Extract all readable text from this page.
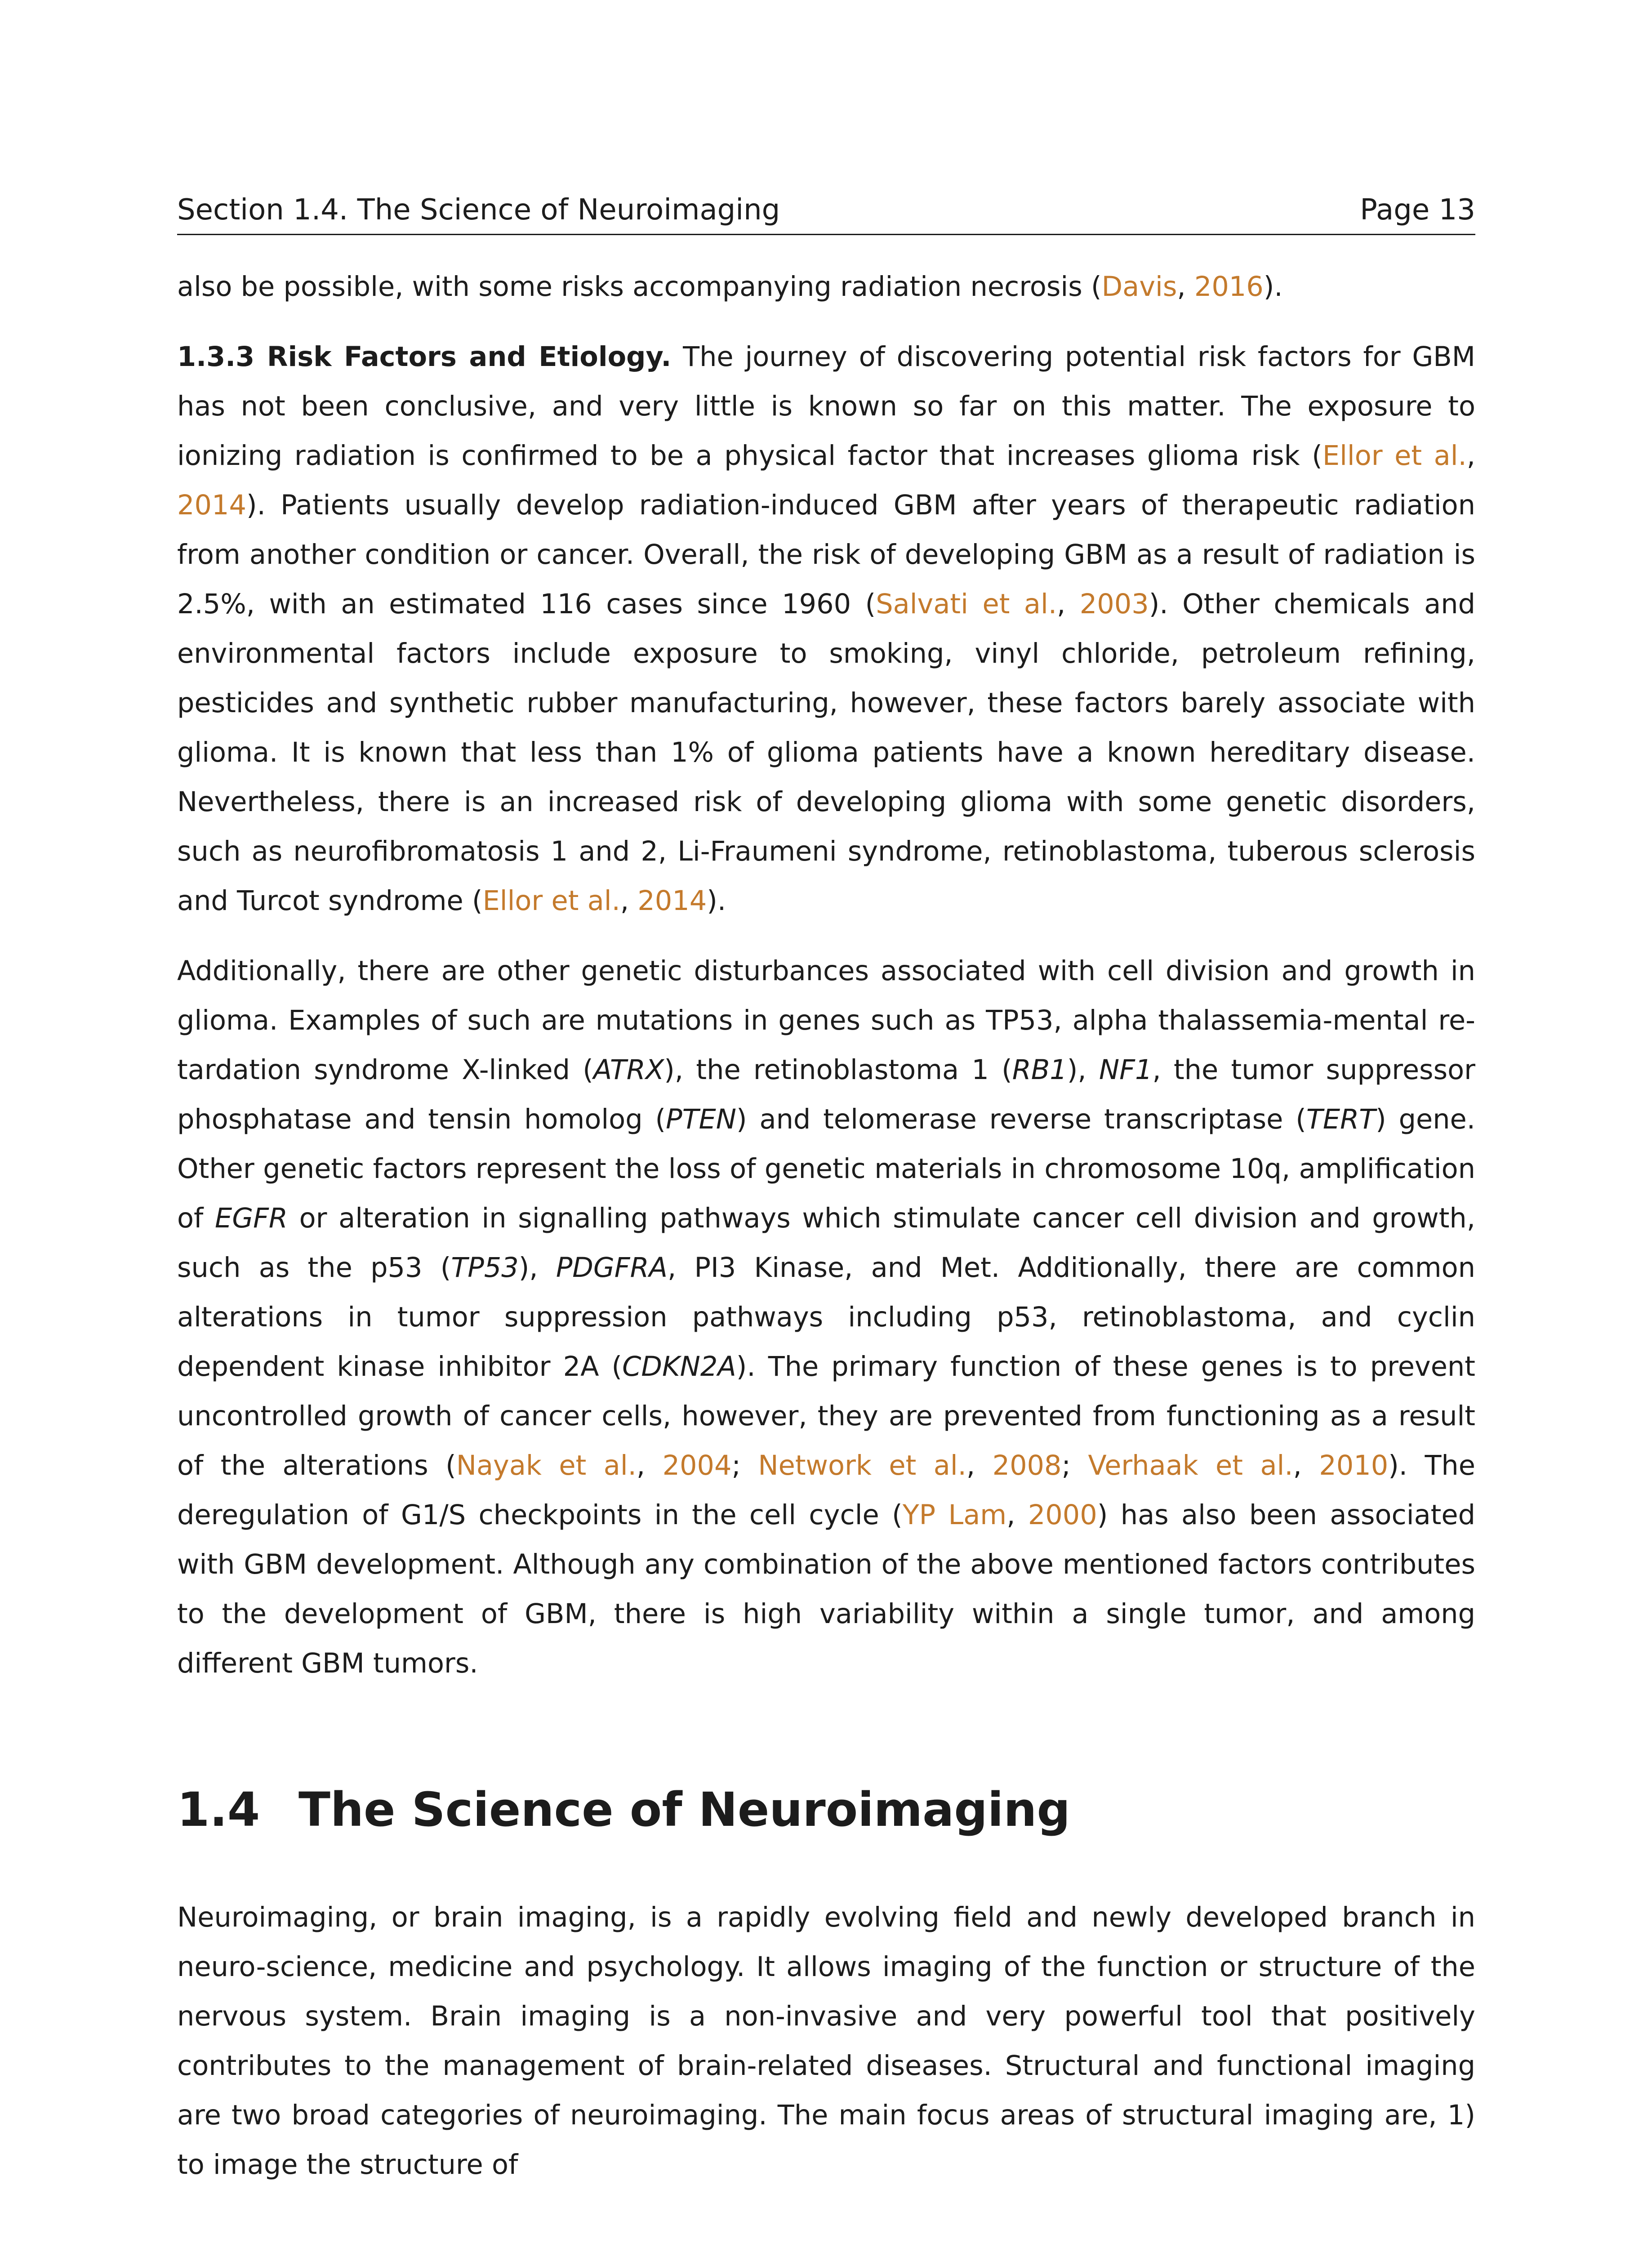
Section 1.4. The Science of Neuroimaging	Page 13

also be possible, with some risks accompanying radiation necrosis (Davis, 2016).

1.3.3 Risk Factors and Etiology. The journey of discovering potential risk factors for GBM has not been conclusive, and very little is known so far on this matter. The exposure to ionizing radiation is confirmed to be a physical factor that increases glioma risk (Ellor et al., 2014). Patients usually develop radiation-induced GBM after years of therapeutic radiation from another condition or cancer. Overall, the risk of developing GBM as a result of radiation is 2.5%, with an estimated 116 cases since 1960 (Salvati et al., 2003). Other chemicals and environmental factors include exposure to smoking, vinyl chloride, petroleum refining, pesticides and synthetic rubber manufacturing, however, these factors barely associate with glioma. It is known that less than 1% of glioma patients have a known hereditary disease. Nevertheless, there is an increased risk of developing glioma with some genetic disorders, such as neurofibromatosis 1 and 2, Li-Fraumeni syndrome, retinoblastoma, tuberous sclerosis and Turcot syndrome (Ellor et al., 2014).

Additionally, there are other genetic disturbances associated with cell division and growth in glioma. Examples of such are mutations in genes such as TP53, alpha thalassemia-mental re-tardation syndrome X-linked (ATRX), the retinoblastoma 1 (RB1), NF1, the tumor suppressor phosphatase and tensin homolog (PTEN) and telomerase reverse transcriptase (TERT) gene. Other genetic factors represent the loss of genetic materials in chromosome 10q, amplification of EGFR or alteration in signalling pathways which stimulate cancer cell division and growth, such as the p53 (TP53), PDGFRA, PI3 Kinase, and Met. Additionally, there are common alterations in tumor suppression pathways including p53, retinoblastoma, and cyclin dependent kinase inhibitor 2A (CDKN2A). The primary function of these genes is to prevent uncontrolled growth of cancer cells, however, they are prevented from functioning as a result of the alterations (Nayak et al., 2004; Network et al., 2008; Verhaak et al., 2010). The deregulation of G1/S checkpoints in the cell cycle (YP Lam, 2000) has also been associated with GBM development. Although any combination of the above mentioned factors contributes to the development of GBM, there is high variability within a single tumor, and among different GBM tumors.

1.4 The Science of Neuroimaging

Neuroimaging, or brain imaging, is a rapidly evolving field and newly developed branch in neuro-science, medicine and psychology. It allows imaging of the function or structure of the nervous system. Brain imaging is a non-invasive and very powerful tool that positively contributes to the management of brain-related diseases. Structural and functional imaging are two broad categories of neuroimaging. The main focus areas of structural imaging are, 1) to image the structure of
